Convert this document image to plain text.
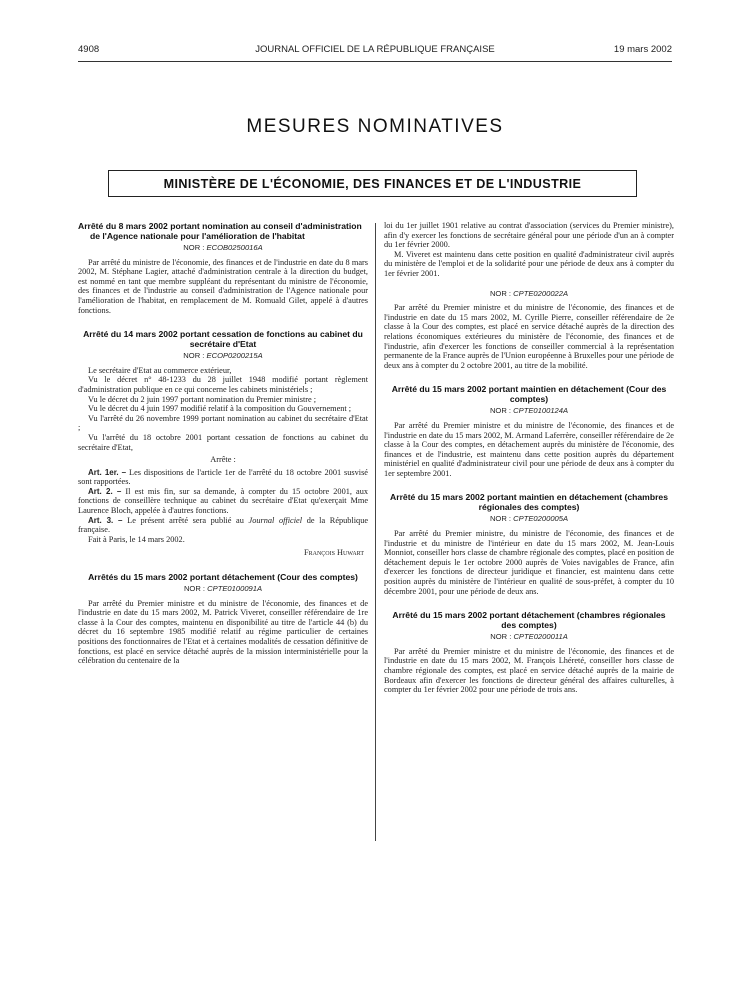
4908	JOURNAL OFFICIEL DE LA RÉPUBLIQUE FRANÇAISE	19 mars 2002
MESURES NOMINATIVES
MINISTÈRE DE L'ÉCONOMIE, DES FINANCES ET DE L'INDUSTRIE

Arrêté du 8 mars 2002 portant nomination au conseil d'administration de l'Agence nationale pour l'amélioration de l'habitat

NOR : ECOB0250016A

Par arrêté du ministre de l'économie, des finances et de l'industrie en date du 8 mars 2002, M. Stéphane Lagier, attaché d'administration centrale à la direction du budget, est nommé en tant que membre suppléant du représentant du ministre de l'économie, des finances et de l'industrie au conseil d'administration de l'Agence nationale pour l'amélioration de l'habitat, en remplacement de M. Romuald Gilet, appelé à d'autres fonctions.

Arrêté du 14 mars 2002 portant cessation de fonctions au cabinet du secrétaire d'Etat

NOR : ECOP0200215A

Le secrétaire d'Etat au commerce extérieur,

Vu le décret n° 48-1233 du 28 juillet 1948 modifié portant règlement d'administration publique en ce qui concerne les cabinets ministériels ;

Vu le décret du 2 juin 1997 portant nomination du Premier ministre ;

Vu le décret du 4 juin 1997 modifié relatif à la composition du Gouvernement ;

Vu l'arrêté du 26 novembre 1999 portant nomination au cabinet du secrétaire d'Etat ;

Vu l'arrêté du 18 octobre 2001 portant cessation de fonctions au cabinet du secrétaire d'Etat,

Arrête :

Art. 1er. – Les dispositions de l'article 1er de l'arrêté du 18 octobre 2001 susvisé sont rapportées.

Art. 2. – Il est mis fin, sur sa demande, à compter du 15 octobre 2001, aux fonctions de conseillère technique au cabinet du secrétaire d'Etat qu'exerçait Mme Laurence Bloch, appelée à d'autres fonctions.

Art. 3. – Le présent arrêté sera publié au Journal officiel de la République française.

Fait à Paris, le 14 mars 2002.

François Huwart

Arrêtés du 15 mars 2002 portant détachement (Cour des comptes)

NOR : CPTE0100091A

Par arrêté du Premier ministre et du ministre de l'économie, des finances et de l'industrie en date du 15 mars 2002, M. Patrick Viveret, conseiller référendaire de 1re classe à la Cour des comptes, maintenu en disponibilité au titre de l'article 44 (b) du décret du 16 septembre 1985 modifié relatif au régime particulier de certaines positions des fonctionnaires de l'Etat et à certaines modalités de cessation définitive de fonctions, est placé en service détaché auprès de la mission interministérielle pour la célébration du centenaire de la

loi du 1er juillet 1901 relative au contrat d'association (services du Premier ministre), afin d'y exercer les fonctions de secrétaire général pour une période d'un an à compter du 1er février 2000.

M. Viveret est maintenu dans cette position en qualité d'administrateur civil auprès du ministère de l'emploi et de la solidarité pour une période de deux ans à compter du 1er février 2001.

NOR : CPTE0200022A

Par arrêté du Premier ministre et du ministre de l'économie, des finances et de l'industrie en date du 15 mars 2002, M. Cyrille Pierre, conseiller référendaire de 2e classe à la Cour des comptes, est placé en service détaché auprès de la direction des relations économiques extérieures du ministère de l'économie, des finances et de l'industrie, afin d'exercer les fonctions de conseiller commercial à la représentation permanente de la France auprès de l'Union européenne à Bruxelles pour une période de deux ans à compter du 2 octobre 2001, au titre de la mobilité.

Arrêté du 15 mars 2002 portant maintien en détachement (Cour des comptes)

NOR : CPTE0100124A

Par arrêté du Premier ministre et du ministre de l'économie, des finances et de l'industrie en date du 15 mars 2002, M. Armand Laferrère, conseiller référendaire de 2e classe à la Cour des comptes, en détachement auprès du ministère de l'économie, des finances et de l'industrie, est maintenu dans cette position auprès du département ministériel en qualité d'administrateur civil pour une période de deux ans à compter du 1er septembre 2001.

Arrêté du 15 mars 2002 portant maintien en détachement (chambres régionales des comptes)

NOR : CPTE0200005A

Par arrêté du Premier ministre, du ministre de l'économie, des finances et de l'industrie et du ministre de l'intérieur en date du 15 mars 2002, M. Jean-Louis Monniot, conseiller hors classe de chambre régionale des comptes, placé en position de détachement depuis le 1er octobre 2000 auprès de Voies navigables de France, afin d'exercer les fonctions de directeur juridique et financier, est maintenu dans cette position auprès du ministère de l'intérieur en qualité de sous-préfet, à compter du 10 décembre 2001, pour une période de deux ans.

Arrêté du 15 mars 2002 portant détachement (chambres régionales des comptes)

NOR : CPTE0200011A

Par arrêté du Premier ministre et du ministre de l'économie, des finances et de l'industrie en date du 15 mars 2002, M. François Lhéreté, conseiller hors classe de chambre régionale des comptes, est placé en service détaché auprès de la mairie de Bordeaux afin d'exercer les fonctions de directeur général des affaires culturelles, à compter du 1er février 2002 pour une période de trois ans.
